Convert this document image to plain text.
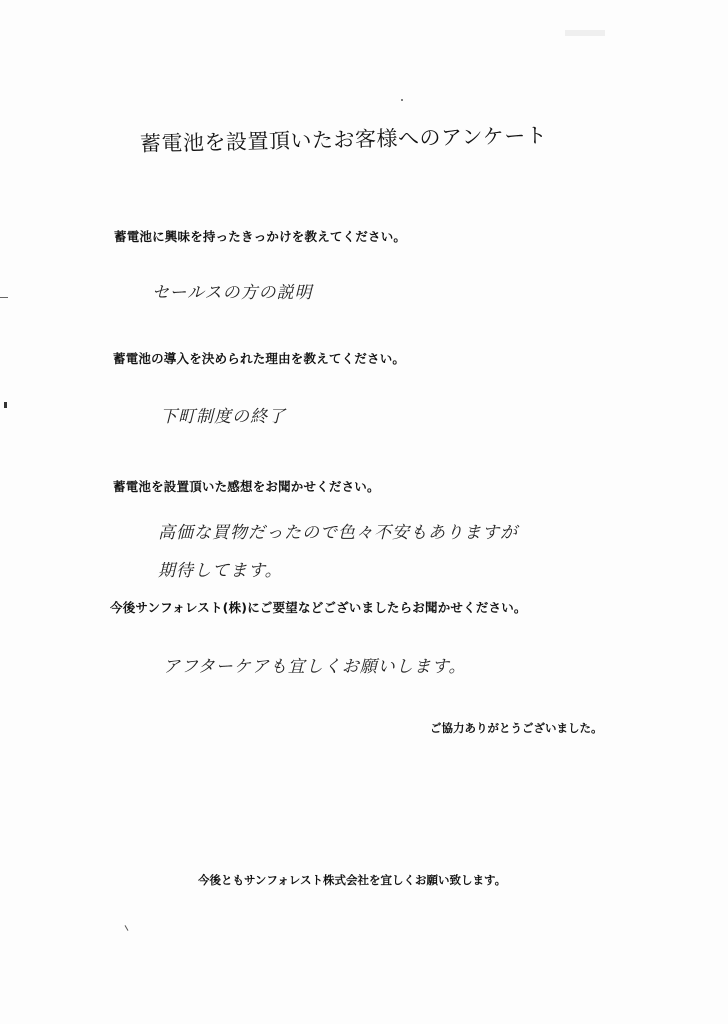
蓄電池を設置頂いたお客様へのアンケート
蓄電池に興味を持ったきっかけを教えてください。
セールスの方の説明
蓄電池の導入を決められた理由を教えてください。
下町制度の終了
蓄電池を設置頂いた感想をお聞かせください。
高価な買物だったので色々不安もありますが
期待してます。
今後サンフォレスト(株)にご要望などございましたらお聞かせください。
アフターケアも宜しくお願いします。
ご協力ありがとうございました。
今後ともサンフォレスト株式会社を宜しくお願い致します。
